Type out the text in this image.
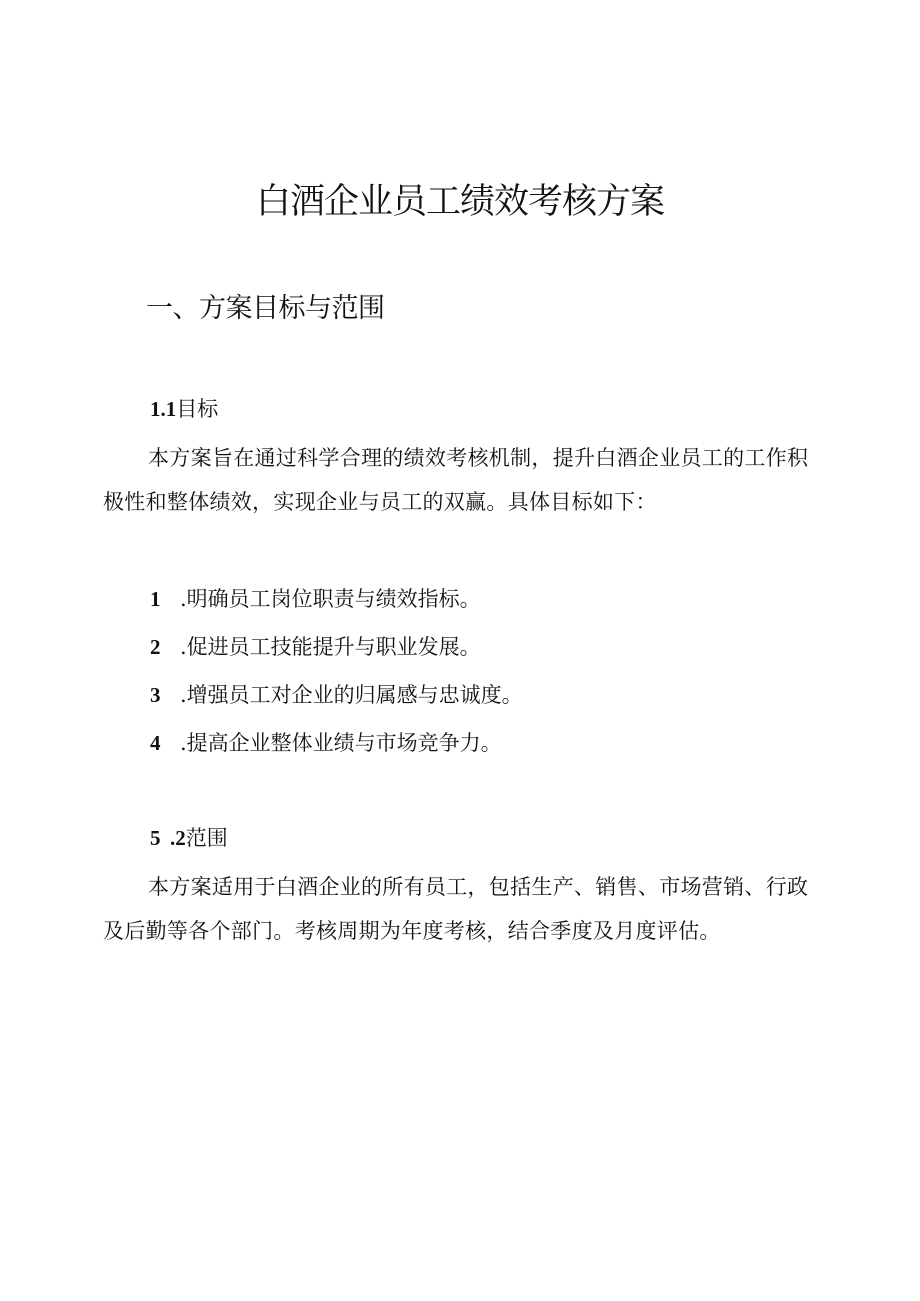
白酒企业员工绩效考核方案
一、方案目标与范围

1.1目标

本方案旨在通过科学合理的绩效考核机制，提升白酒企业员工的工作积极性和整体绩效，实现企业与员工的双赢。具体目标如下：

1 .明确员工岗位职责与绩效指标。

2 .促进员工技能提升与职业发展。

3 .增强员工对企业的归属感与忠诚度。

4 .提高企业整体业绩与市场竞争力。

5 .2范围

本方案适用于白酒企业的所有员工，包括生产、销售、市场营销、行政及后勤等各个部门。考核周期为年度考核，结合季度及月度评估。
